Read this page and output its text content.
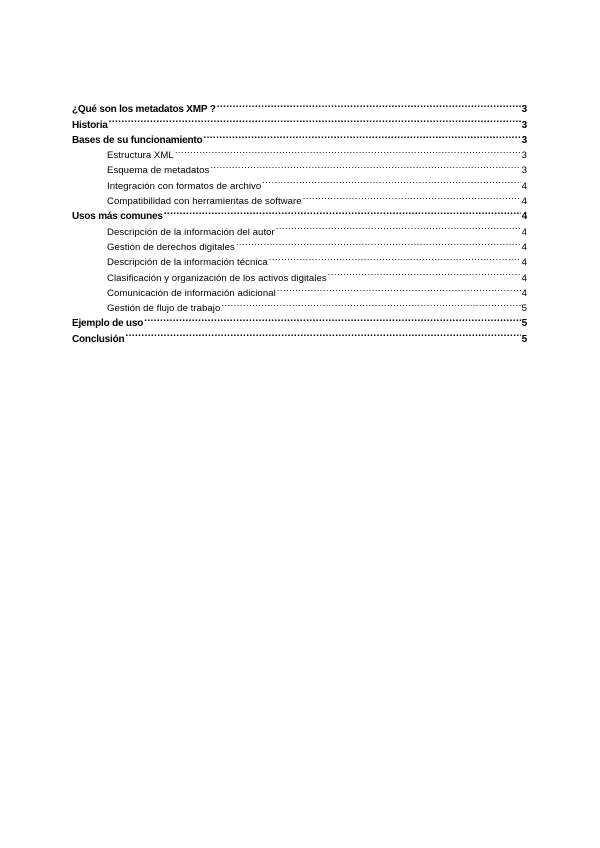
¿Qué son los metadatos XMP ? .....	3
Historia .....	3
Bases de su funcionamiento .....	3
Estructura XML .....	3
Esquema de metadatos .....	3
Integración con formatos de archivo .....	4
Compatibilidad con herramientas de software .....	4
Usos más comunes .....	4
Descripción de la información del autor .....	4
Gestión de derechos digitales .....	4
Descripción de la información técnica .....	4
Clasificación y organización de los activos digitales .....	4
Comunicación de información adicional .....	4
Gestión de flujo de trabajo .....	5
Ejemplo de uso .....	5
Conclusión .....	5
